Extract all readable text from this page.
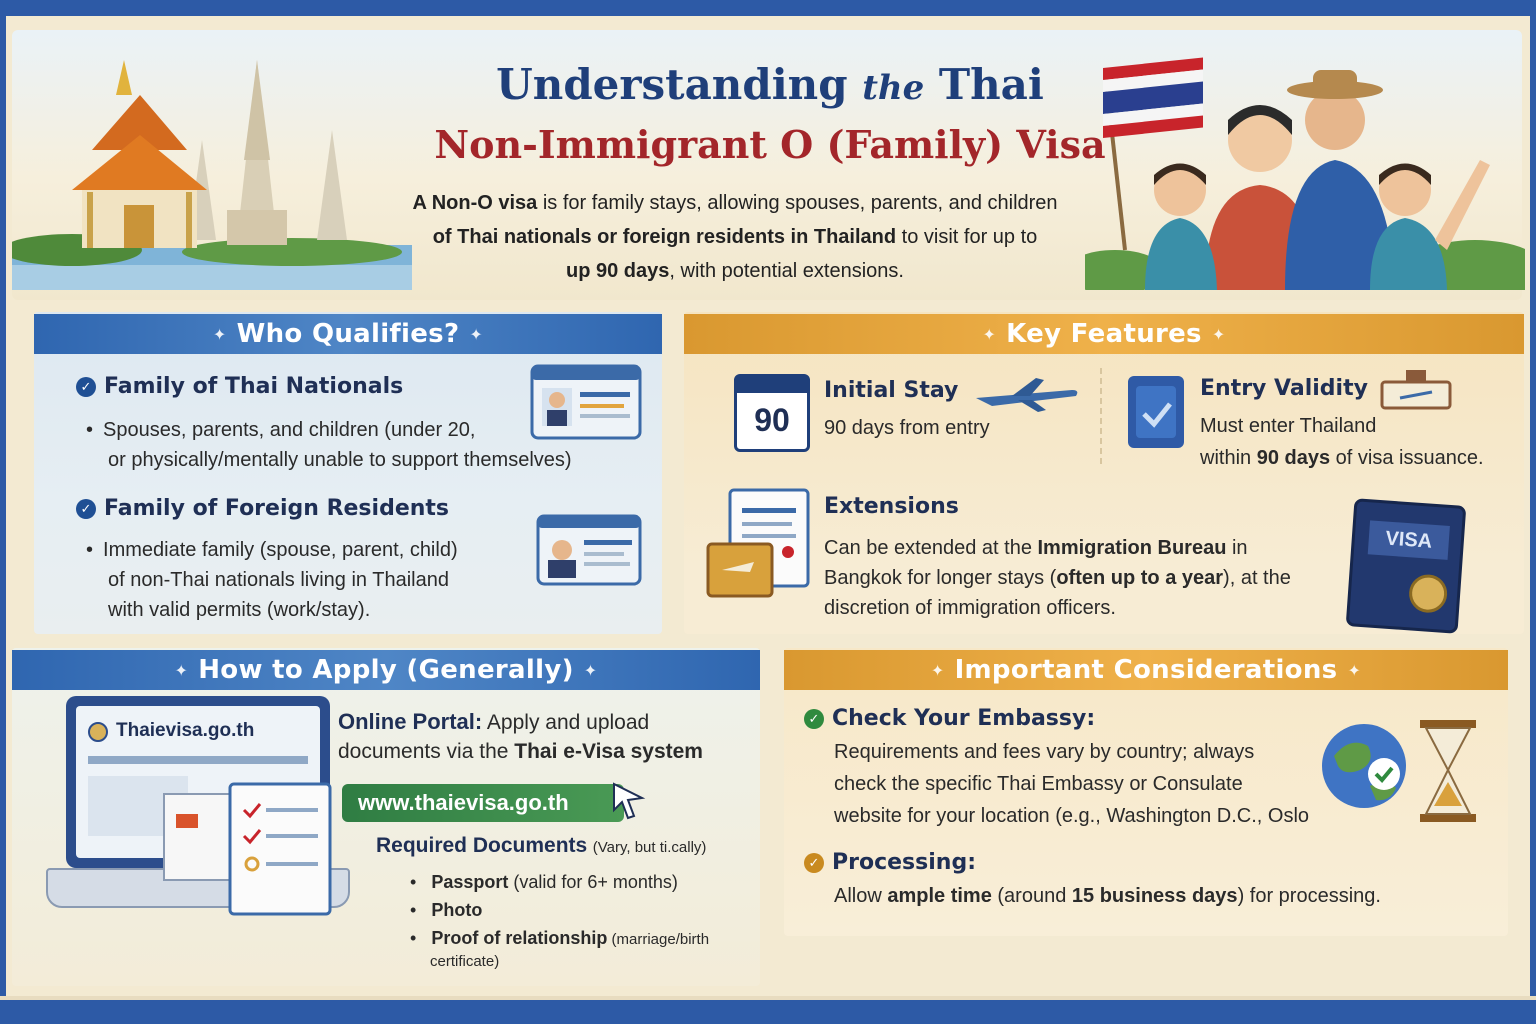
Understanding the Thai
Non-Immigrant O (Family) Visa
A Non-O visa is for family stays, allowing spouses, parents, and children
of Thai nationals or foreign residents in Thailand to visit for up to
up 90 days, with potential extensions.
✦ Who Qualifies? ✦
✓ Family of Thai Nationals
• Spouses, parents, and children (under 20,
or physically/mentally unable to support themselves)
✓ Family of Foreign Residents
• Immediate family (spouse, parent, child)
of non-Thai nationals living in Thailand
with valid permits (work/stay).
✦ Key Features ✦
90
Initial Stay
90 days from entry
Entry Validity
Must enter Thailand
within 90 days of visa issuance.
Extensions
Can be extended at the Immigration Bureau in
Bangkok for longer stays (often up to a year), at the
discretion of immigration officers.
VISA
✦ How to Apply (Generally) ✦
Thaievisa.go.th	Online Portal: Apply and upload
documents via the Thai e-Visa system
www.thaievisa.go.th
Required Documents (Vary, but ti.cally)
• Passport (valid for 6+ months)
• Photo
• Proof of relationship (marriage/birth
certificate)
✦ Important Considerations ✦
✓ Check Your Embassy:
Requirements and fees vary by country; always
check the specific Thai Embassy or Consulate
website for your location (e.g., Washington D.C., Oslo
✓ Processing:
Allow ample time (around 15 business days) for processing.
